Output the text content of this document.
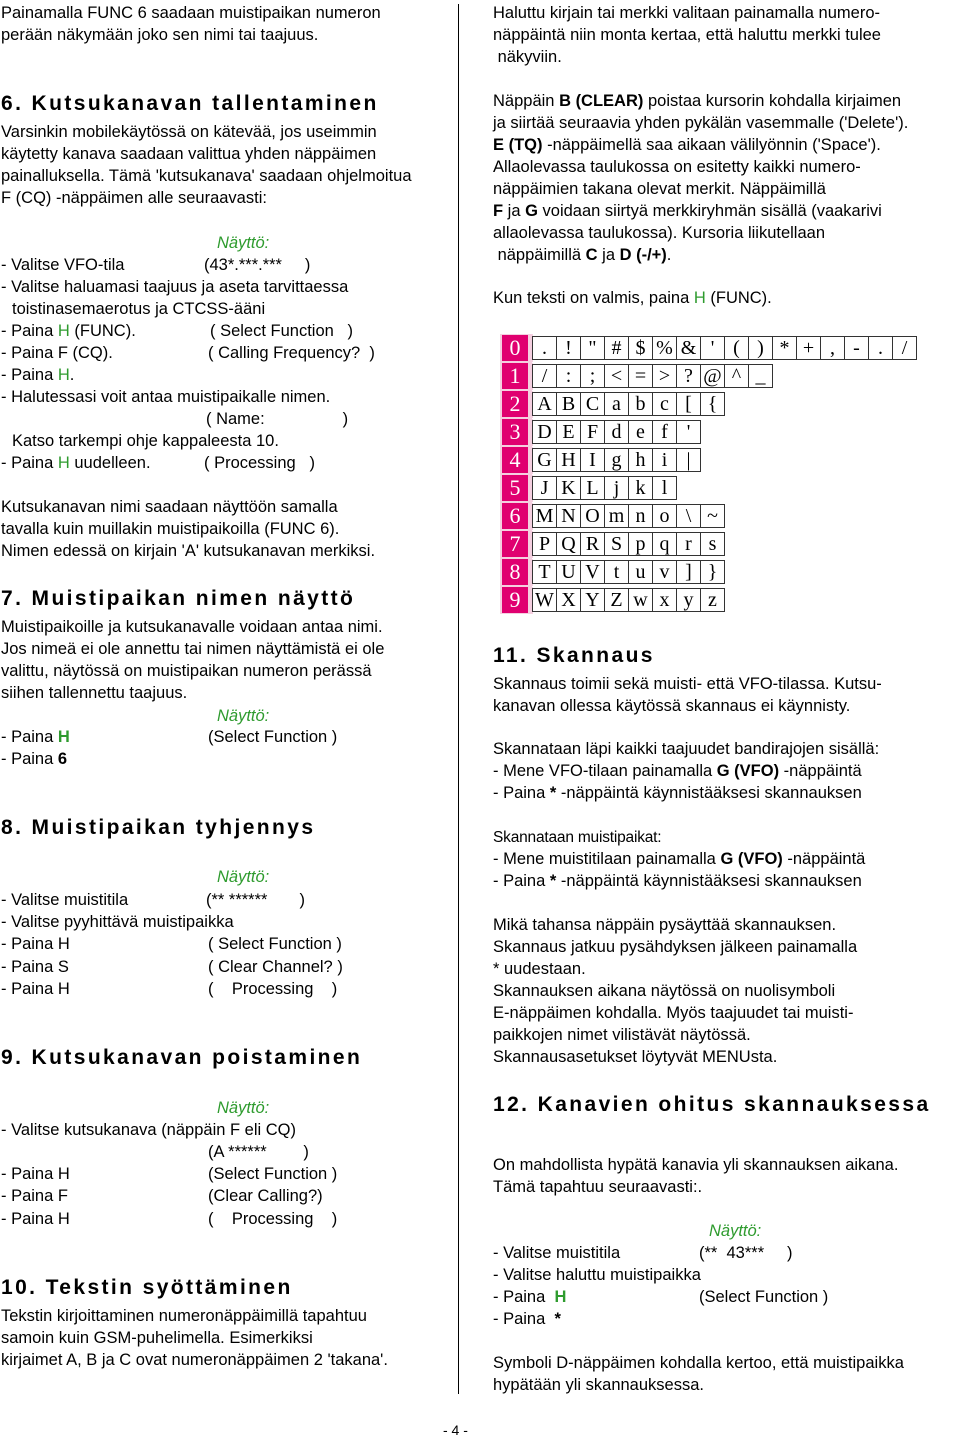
Painamalla FUNC 6 saadaan muistipaikan numeron
perään näkymään joko sen nimi tai taajuus.
6. Kutsukanavan tallentaminen
Varsinkin mobilekäytössä on kätevää, jos useimmin
käytetty kanava saadaan valittua yhden näppäimen
painalluksella. Tämä 'kutsukanava' saadaan ohjelmoitua
F (CQ) -näppäimen alle seuraavasti:
Näyttö:
- Valitse VFO-tila	(43*.***.***     )
- Valitse haluamasi taajuus ja aseta tarvittaessa
toistinasemaerotus ja CTCSS-ääni
- Paina H (FUNC).	( Select Function   )
- Paina F (CQ).	( Calling Frequency?  )
- Paina H.
- Halutessasi voit antaa muistipaikalle nimen.
( Name:                 )
Katso tarkempi ohje kappaleesta 10.
- Paina H uudelleen.	( Processing   )
Kutsukanavan nimi saadaan näyttöön samalla
tavalla kuin muillakin muistipaikoilla (FUNC 6).
Nimen edessä on kirjain 'A' kutsukanavan merkiksi.
7. Muistipaikan nimen näyttö
Muistipaikoille ja kutsukanavalle voidaan antaa nimi.
Jos nimeä ei ole annettu tai nimen näyttämistä ei ole
valittu, näytössä on muistipaikan numeron perässä
siihen tallennettu taajuus.
Näyttö:
- Paina H	(Select Function )
- Paina 6
8. Muistipaikan tyhjennys
Näyttö:
- Valitse muistitila	(** ******       )
- Valitse pyyhittävä muistipaikka
- Paina H	( Select Function )
- Paina S	( Clear Channel? )
- Paina H	(    Processing    )
9. Kutsukanavan poistaminen
Näyttö:
- Valitse kutsukanava (näppäin F eli CQ)
(A ******        )
- Paina H	(Select Function )
- Paina F	(Clear Calling?)
- Paina H	(    Processing    )
10. Tekstin syöttäminen
Tekstin kirjoittaminen numeronäppäimillä tapahtuu
samoin kuin GSM-puhelimella. Esimerkiksi
kirjaimet A, B ja C ovat numeronäppäimen 2 'takana'.
Haluttu kirjain tai merkki valitaan painamalla numero-
näppäintä niin monta kertaa, että haluttu merkki tulee
näkyviin.
Näppäin B (CLEAR) poistaa kursorin kohdalla kirjaimen
ja siirtää seuraavia yhden pykälän vasemmalle ('Delete').
E (TQ) -näppäimellä saa aikaan välilyönnin ('Space').
Allaolevassa taulukossa on esitetty kaikki numero-
näppäimien takana olevat merkit. Näppäimillä
F ja G voidaan siirtyä merkkiryhmän sisällä (vaakarivi
allaolevassa taulukossa). Kursoria liikutellaan
näppäimillä C ja D (-/+).
Kun teksti on valmis, paina H (FUNC).
11. Skannaus
Skannaus toimii sekä muisti- että VFO-tilassa. Kutsu-
kanavan ollessa käytössä skannaus ei käynnisty.
Skannataan läpi kaikki taajuudet bandirajojen sisällä:
- Mene VFO-tilaan painamalla G (VFO) -näppäintä
- Paina * -näppäintä käynnistääksesi skannauksen
Skannataan muistipaikat:
- Mene muistitilaan painamalla G (VFO) -näppäintä
- Paina * -näppäintä käynnistääksesi skannauksen
Mikä tahansa näppäin pysäyttää skannauksen.
Skannaus jatkuu pysähdyksen jälkeen painamalla
* uudestaan.
Skannauksen aikana näytössä on nuolisymboli
E-näppäimen kohdalla. Myös taajuudet tai muisti-
paikkojen nimet vilistävät näytössä.
Skannausasetukset löytyvät MENUsta.
12. Kanavien ohitus skannauksessa
On mahdollista hypätä kanavia yli skannauksen aikana.
Tämä tapahtuu seuraavasti:.
Näyttö:
- Valitse muistitila	(**  43***     )
- Valitse haluttu muistipaikka
- Paina  H	(Select Function )
- Paina  *
Symboli D-näppäimen kohdalla kertoo, että muistipaikka
hypätään yli skannauksessa.
0	. ! " # $ % & ' ( ) * + , - . /
1	/ : ; < = > ? @ ^ _
2 A B C a b c [ {
3 D E F d e f '
4 G H I g h i |
5	J K L j k l
6 M N O m n o \ ~
7 P Q R S p q r s
8 T U V t u v ] }
9 W X Y Z w x y z
- 4 -
